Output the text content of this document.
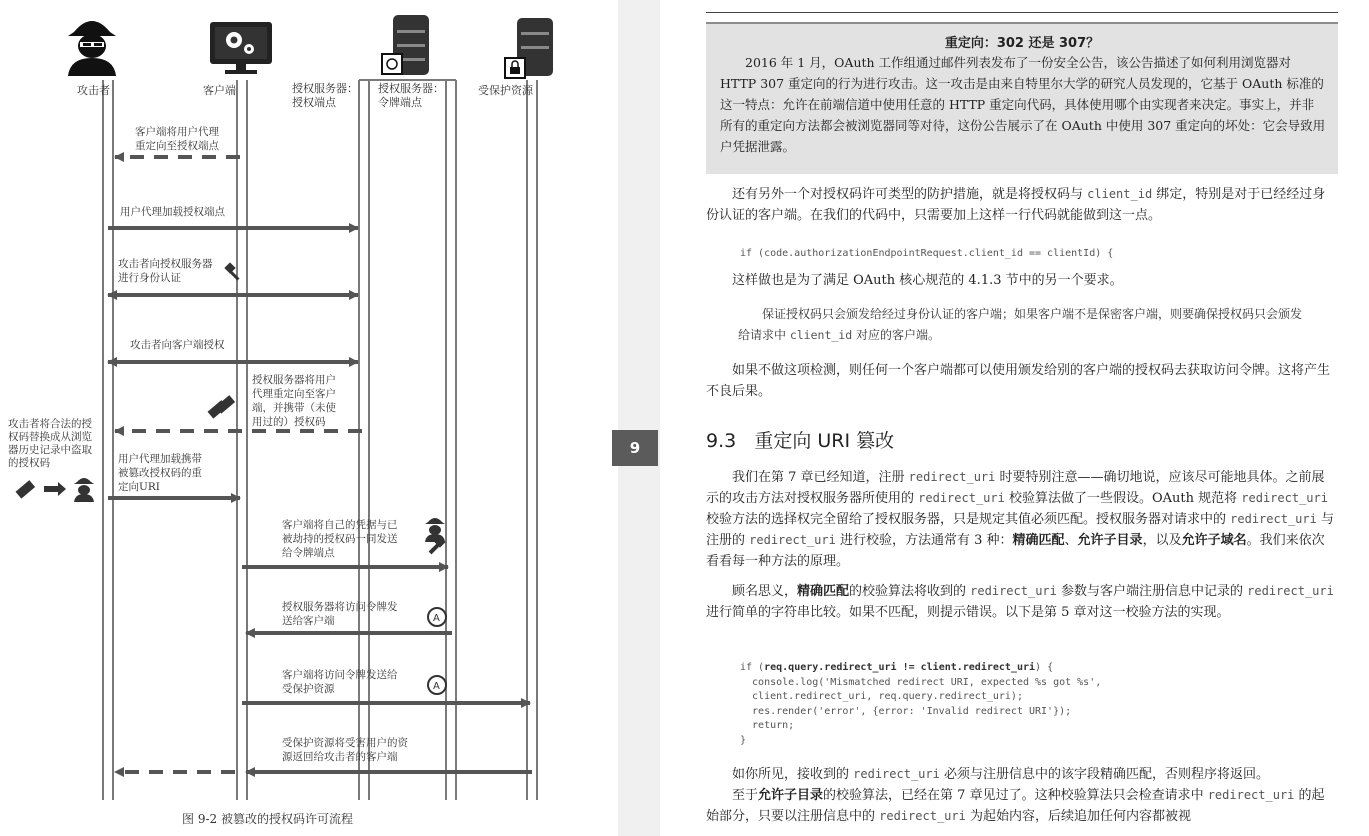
A
A
攻击者	客户端	授权服务器：
授权端点
授权服务器：
令牌端点
受保护资源
客户端将用户代理
重定向至授权端点
用户代理加载授权端点
攻击者向授权服务器
进行身份认证
攻击者向客户端授权
授权服务器将用户
代理重定向至客户
端，并携带（未使
用过的）授权码
攻击者将合法的授
权码替换成从浏览
器历史记录中盗取
的授权码	用户代理加载携带
被篡改授权码的重
定向URI
客户端将自己的凭据与已
被劫持的授权码一同发送
给令牌端点
授权服务器将访问令牌发
送给客户端
客户端将访问令牌发送给
受保护资源
受保护资源将受害用户的资
源返回给攻击者的客户端
图 9-2 被篡改的授权码许可流程
9
重定向：302 还是 307？
2016 年 1 月，OAuth 工作组通过邮件列表发布了一份安全公告，该公告描述了如何利用浏览器对 HTTP 307 重定向的行为进行攻击。这一攻击是由来自特里尔大学的研究人员发现的，它基于 OAuth 标准的这一特点：允许在前端信道中使用任意的 HTTP 重定向代码，具体使用哪个由实现者来决定。事实上，并非所有的重定向方法都会被浏览器同等对待，这份公告展示了在 OAuth 中使用 307 重定向的坏处：它会导致用户凭据泄露。
还有另外一个对授权码许可类型的防护措施，就是将授权码与 client_id 绑定，特别是对于已经经过身份认证的客户端。在我们的代码中，只需要加上这样一行代码就能做到这一点。
if (code.authorizationEndpointRequest.client_id == clientId) {
这样做也是为了满足 OAuth 核心规范的 4.1.3 节中的另一个要求。
保证授权码只会颁发给经过身份认证的客户端；如果客户端不是保密客户端，则要确保授权码只会颁发给请求中 client_id 对应的客户端。
如果不做这项检测，则任何一个客户端都可以使用颁发给别的客户端的授权码去获取访问令牌。这将产生不良后果。
9.3 重定向 URI 篡改
我们在第 7 章已经知道，注册 redirect_uri 时要特别注意——确切地说，应该尽可能地具体。之前展示的攻击方法对授权服务器所使用的 redirect_uri 校验算法做了一些假设。OAuth 规范将 redirect_uri 校验方法的选择权完全留给了授权服务器，只是规定其值必须匹配。授权服务器对请求中的 redirect_uri 与注册的 redirect_uri 进行校验，方法通常有 3 种：精确匹配、允许子目录，以及允许子域名。我们来依次看看每一种方法的原理。
顾名思义，精确匹配的校验算法将收到的 redirect_uri 参数与客户端注册信息中记录的 redirect_uri 进行简单的字符串比较。如果不匹配，则提示错误。以下是第 5 章对这一校验方法的实现。
if (req.query.redirect_uri != client.redirect_uri) {
console.log('Mismatched redirect URI, expected %s got %s',
client.redirect_uri, req.query.redirect_uri);
res.render('error', {error: 'Invalid redirect URI'});
return;
}
如你所见，接收到的 redirect_uri 必须与注册信息中的该字段精确匹配，否则程序将返回。
至于允许子目录的校验算法，已经在第 7 章见过了。这种校验算法只会检查请求中 redirect_uri 的起始部分，只要以注册信息中的 redirect_uri 为起始内容，后续追加任何内容都被视
